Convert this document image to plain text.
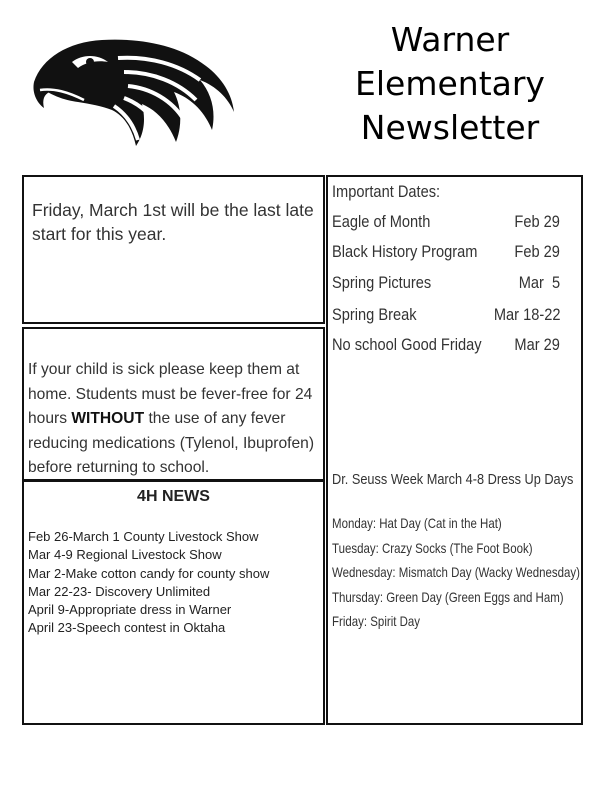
Warner
Elementary
Newsletter
Friday, March 1st will be the last late start for this year.
If your child is sick please keep them at home. Students must be fever-free for 24 hours WITHOUT the use of any fever reducing medications (Tylenol, Ibuprofen) before returning to school.
4H NEWS
Feb 26-March 1 County Livestock Show
Mar 4-9 Regional Livestock Show
Mar 2-Make cotton candy for county show
Mar 22-23- Discovery Unlimited
April 9-Appropriate dress in Warner
April 23-Speech contest in Oktaha
Important Dates:
Eagle of Month	Feb 29
Black History Program Feb 29
Spring Pictures	Mar  5
Spring Break	Mar 18-22
No school Good Friday Mar 29
Dr. Seuss Week March 4-8 Dress Up Days
Monday: Hat Day (Cat in the Hat)
Tuesday: Crazy Socks (The Foot Book)
Wednesday: Mismatch Day (Wacky Wednesday)
Thursday: Green Day (Green Eggs and Ham)
Friday: Spirit Day
